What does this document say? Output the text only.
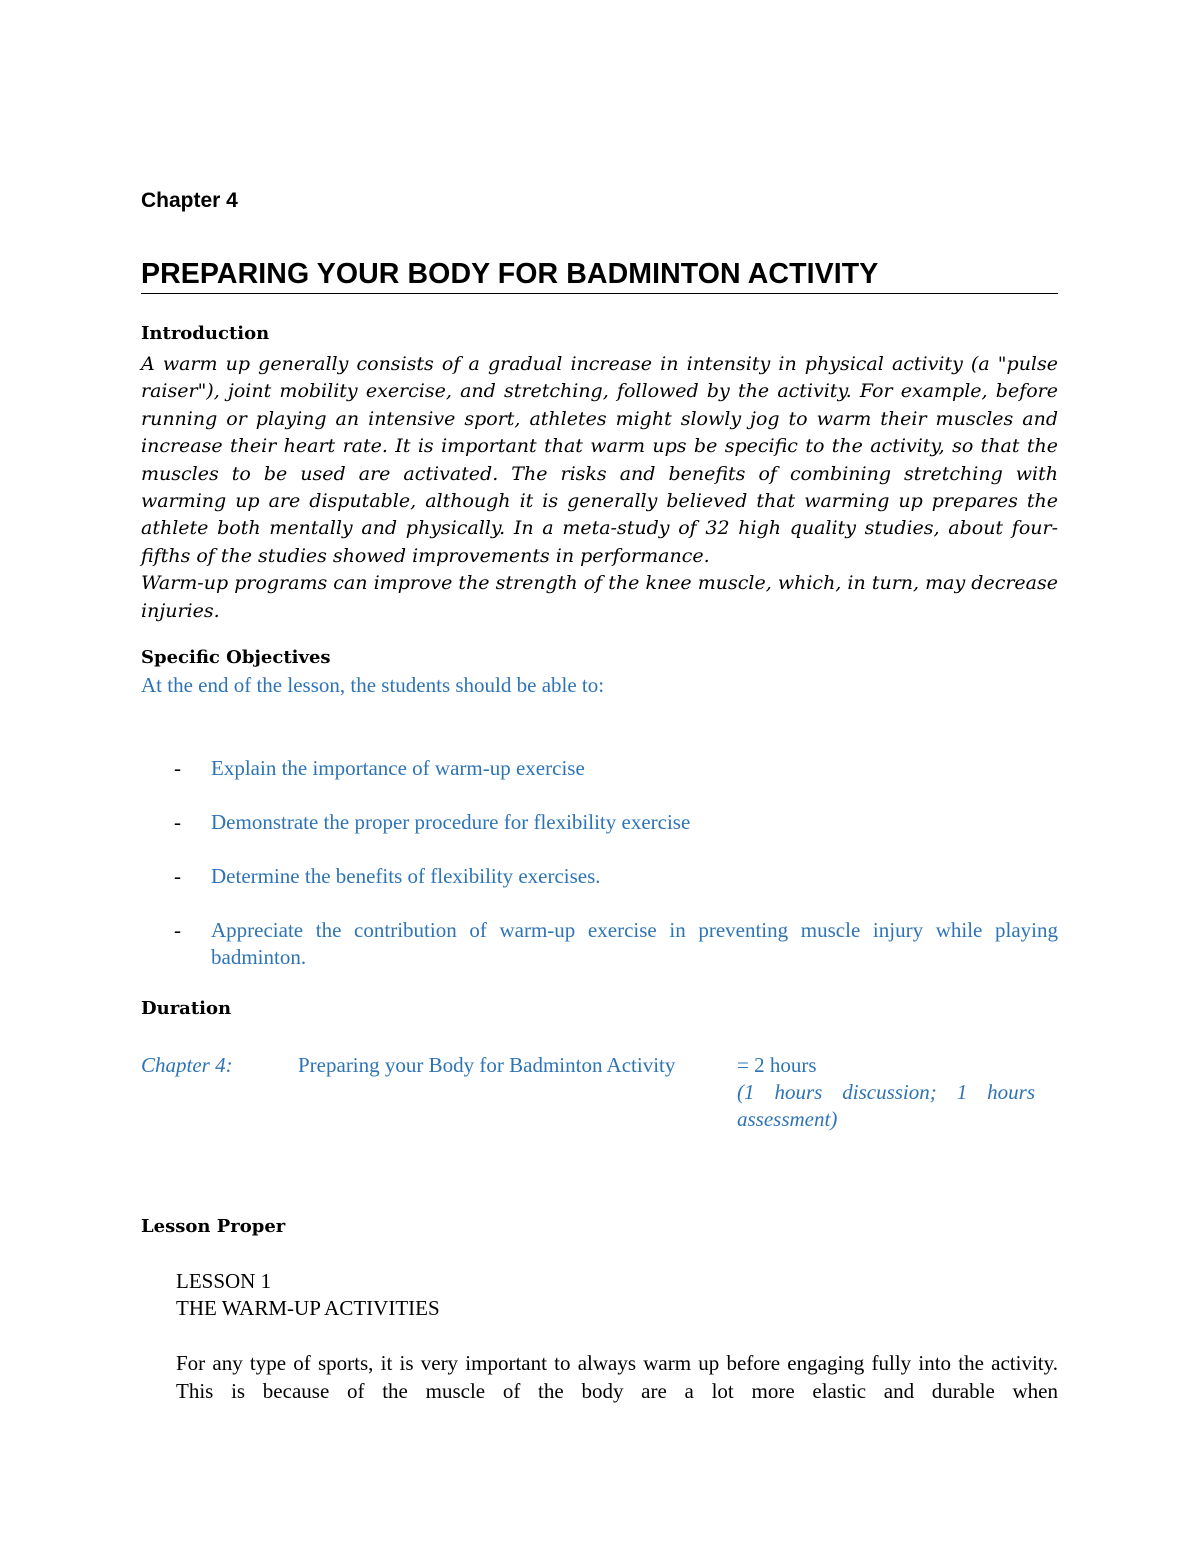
Chapter 4
PREPARING YOUR BODY FOR BADMINTON ACTIVITY
Introduction

A warm up generally consists of a gradual increase in intensity in physical activity (a "pulse raiser"), joint mobility exercise, and stretching, followed by the activity. For example, before running or playing an intensive sport, athletes might slowly jog to warm their muscles and increase their heart rate. It is important that warm ups be specific to the activity, so that the muscles to be used are activated. The risks and benefits of combining stretching with warming up are disputable, although it is generally believed that warming up prepares the athlete both mentally and physically. In a meta-study of 32 high quality studies, about four-fifths of the studies showed improvements in performance.

Warm-up programs can improve the strength of the knee muscle, which, in turn, may decrease injuries.

Specific Objectives
At the end of the lesson, the students should be able to:
- Explain the importance of warm-up exercise
- Demonstrate the proper procedure for flexibility exercise
- Determine the benefits of flexibility exercises.
- Appreciate the contribution of warm-up exercise in preventing muscle injury while playing badminton.
Duration
Chapter 4:	Preparing your Body for Badminton Activity	= 2 hours
(1 hours discussion; 1 hours assessment)
Lesson Proper
LESSON 1
THE WARM-UP ACTIVITIES
For any type of sports, it is very important to always warm up before engaging fully into the activity. This is because of the muscle of the body are a lot more elastic and durable when
